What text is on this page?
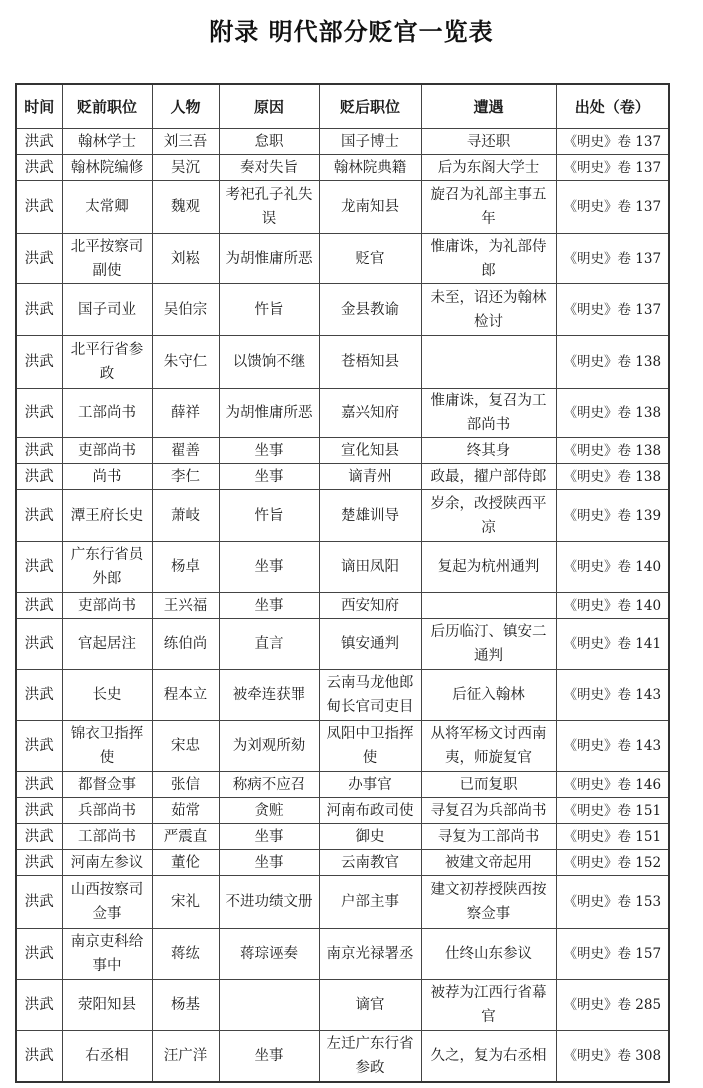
附录 明代部分贬官一览表
时间	贬前职位	人物	原因	贬后职位	遭遇	出处（卷）
洪武	翰林学士	刘三吾	怠职	国子博士	寻还职	《明史》卷 137
洪武	翰林院编修	吴沉	奏对失旨	翰林院典籍	后为东阁大学士	《明史》卷 137
洪武	太常卿	魏观	考祀孔子礼失误	龙南知县	旋召为礼部主事五年	《明史》卷 137
洪武	北平按察司副使	刘崧	为胡惟庸所恶	贬官	惟庸诛，为礼部侍郎	《明史》卷 137
洪武	国子司业	吴伯宗	忤旨	金县教谕	未至，诏还为翰林检讨	《明史》卷 137
洪武	北平行省参政	朱守仁	以馈饷不继	苍梧知县		《明史》卷 138
洪武	工部尚书	薛祥	为胡惟庸所恶	嘉兴知府	惟庸诛，复召为工部尚书	《明史》卷 138
洪武	吏部尚书	翟善	坐事	宣化知县	终其身	《明史》卷 138
洪武	尚书	李仁	坐事	谪青州	政最，擢户部侍郎	《明史》卷 138
洪武	潭王府长史	萧岐	忤旨	楚雄训导	岁余，改授陕西平凉	《明史》卷 139
洪武	广东行省员外郎	杨卓	坐事	谪田凤阳	复起为杭州通判	《明史》卷 140
洪武	吏部尚书	王兴福	坐事	西安知府		《明史》卷 140
洪武	官起居注	练伯尚	直言	镇安通判	后历临汀、镇安二通判	《明史》卷 141
洪武	长史	程本立	被牵连获罪	云南马龙他郎甸长官司吏目	后征入翰林	《明史》卷 143
洪武	锦衣卫指挥使	宋忠	为刘观所劾	凤阳中卫指挥使	从将军杨文讨西南夷，师旋复官	《明史》卷 143
洪武	都督佥事	张信	称病不应召	办事官	已而复职	《明史》卷 146
洪武	兵部尚书	茹常	贪赃	河南布政司使	寻复召为兵部尚书	《明史》卷 151
洪武	工部尚书	严震直	坐事	御史	寻复为工部尚书	《明史》卷 151
洪武	河南左参议	董伦	坐事	云南教官	被建文帝起用	《明史》卷 152
洪武	山西按察司佥事	宋礼	不进功绩文册	户部主事	建文初荐授陕西按察佥事	《明史》卷 153
洪武	南京吏科给事中	蒋纮	蒋琮诬奏	南京光禄署丞	仕终山东参议	《明史》卷 157
洪武	荥阳知县	杨基		谪官	被荐为江西行省幕官	《明史》卷 285
洪武	右丞相	汪广洋	坐事	左迁广东行省参政	久之，复为右丞相	《明史》卷 308
